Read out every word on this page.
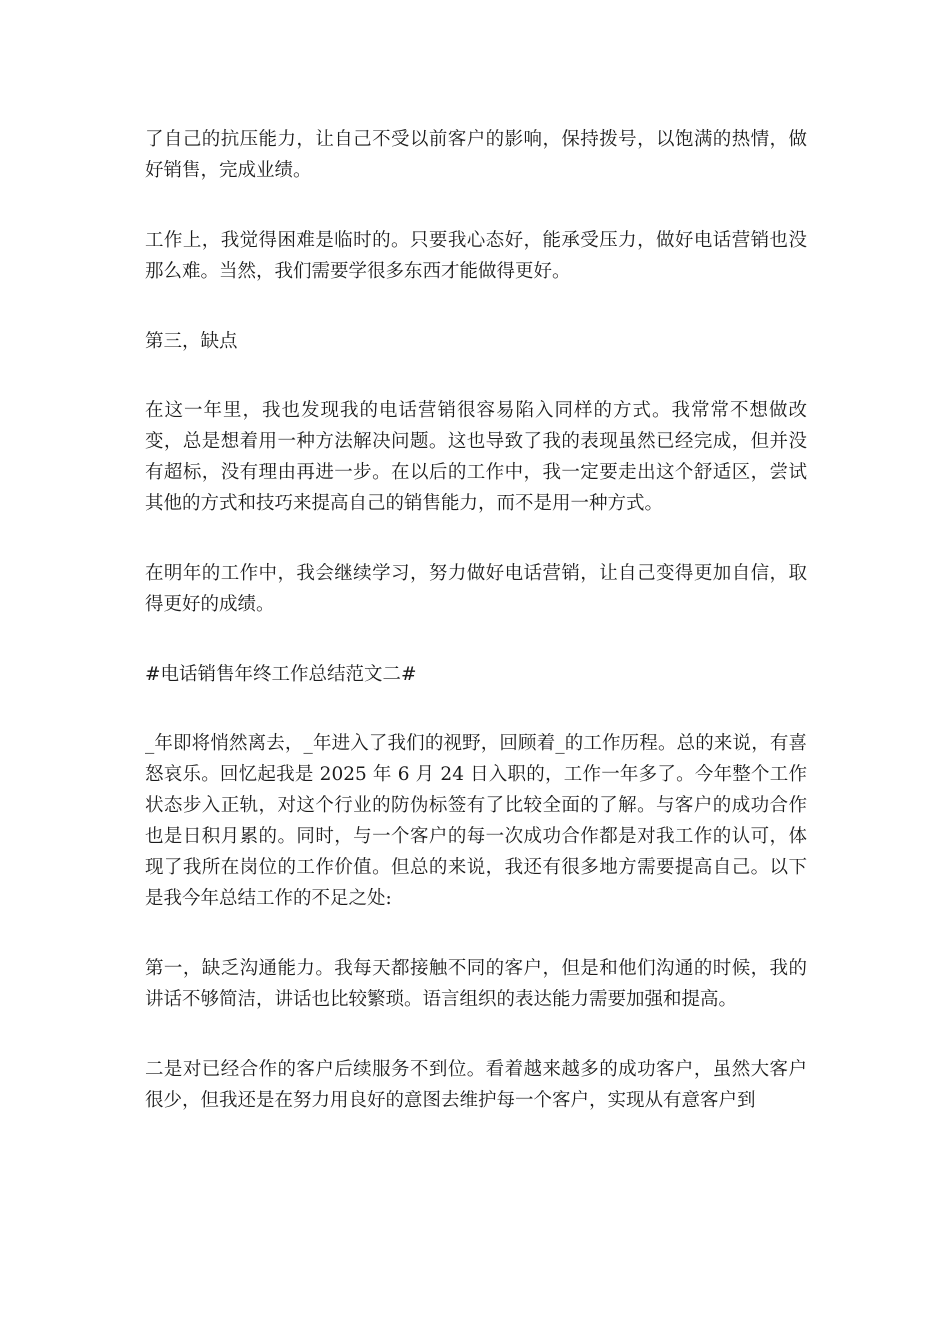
了自己的抗压能力，让自己不受以前客户的影响，保持拨号，以饱满的热情，做好销售，完成业绩。

工作上，我觉得困难是临时的。只要我心态好，能承受压力，做好电话营销也没那么难。当然，我们需要学很多东西才能做得更好。

第三，缺点

在这一年里，我也发现我的电话营销很容易陷入同样的方式。我常常不想做改变，总是想着用一种方法解决问题。这也导致了我的表现虽然已经完成，但并没有超标，没有理由再进一步。在以后的工作中，我一定要走出这个舒适区，尝试其他的方式和技巧来提高自己的销售能力，而不是用一种方式。

在明年的工作中，我会继续学习，努力做好电话营销，让自己变得更加自信，取得更好的成绩。

#电话销售年终工作总结范文二#

_年即将悄然离去，_年进入了我们的视野，回顾着_的工作历程。总的来说，有喜怒哀乐。回忆起我是 2025 年 6 月 24 日入职的，工作一年多了。今年整个工作状态步入正轨，对这个行业的防伪标签有了比较全面的了解。与客户的成功合作也是日积月累的。同时，与一个客户的每一次成功合作都是对我工作的认可，体现了我所在岗位的工作价值。但总的来说，我还有很多地方需要提高自己。以下是我今年总结工作的不足之处:

第一，缺乏沟通能力。我每天都接触不同的客户，但是和他们沟通的时候，我的讲话不够简洁，讲话也比较繁琐。语言组织的表达能力需要加强和提高。

二是对已经合作的客户后续服务不到位。看着越来越多的成功客户，虽然大客户很少，但我还是在努力用良好的意图去维护每一个客户，实现从有意客户到
